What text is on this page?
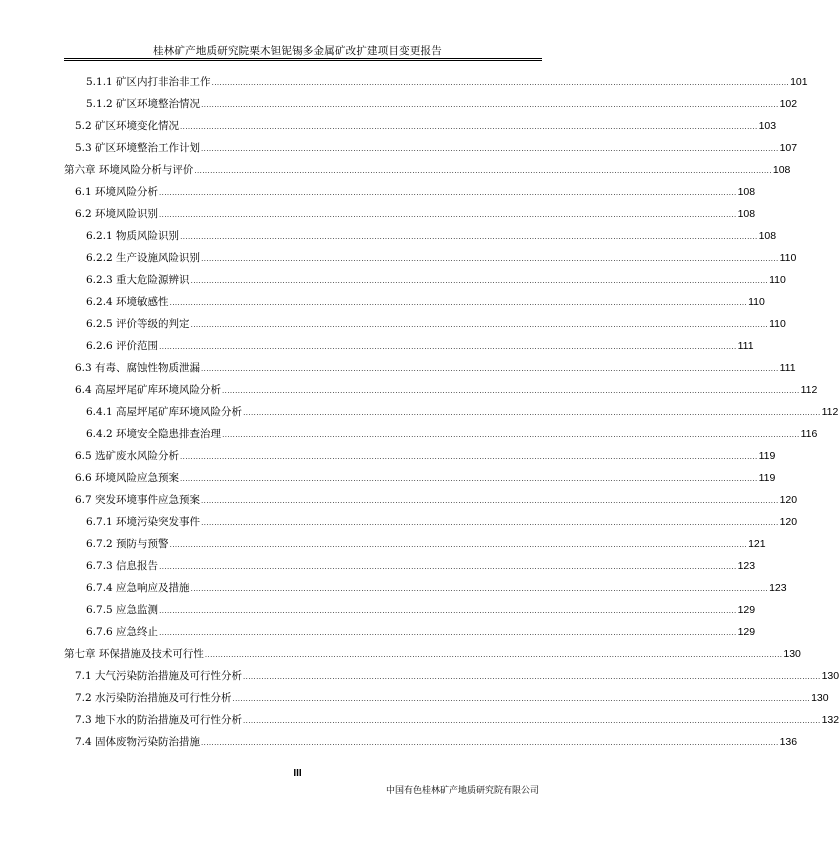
桂林矿产地质研究院栗木钽铌锡多金属矿改扩建项目变更报告
5.1.1 矿区内打非治非工作 ............................................................................................................................................................................................................................ 101
5.1.2 矿区环境整治情况 ............................................................................................................................................................................................................................ 102
5.2 矿区环境变化情况 ............................................................................................................................................................................................................................ 103
5.3 矿区环境整治工作计划 ............................................................................................................................................................................................................................ 107
第六章 环境风险分析与评价 ............................................................................................................................................................................................................................ 108
6.1 环境风险分析 ............................................................................................................................................................................................................................ 108
6.2 环境风险识别 ............................................................................................................................................................................................................................ 108
6.2.1 物质风险识别 ............................................................................................................................................................................................................................ 108
6.2.2 生产设施风险识别 ............................................................................................................................................................................................................................ 110
6.2.3 重大危险源辨识 ............................................................................................................................................................................................................................ 110
6.2.4 环境敏感性 ............................................................................................................................................................................................................................ 110
6.2.5 评价等级的判定 ............................................................................................................................................................................................................................ 110
6.2.6 评价范围 ............................................................................................................................................................................................................................ 111
6.3 有毒、腐蚀性物质泄漏 ............................................................................................................................................................................................................................ 111
6.4 高屋坪尾矿库环境风险分析 ............................................................................................................................................................................................................................ 112
6.4.1 高屋坪尾矿库环境风险分析 ............................................................................................................................................................................................................................ 112
6.4.2 环境安全隐患排查治理 ............................................................................................................................................................................................................................ 116
6.5 选矿废水风险分析 ............................................................................................................................................................................................................................ 119
6.6 环境风险应急预案 ............................................................................................................................................................................................................................ 119
6.7 突发环境事件应急预案 ............................................................................................................................................................................................................................ 120
6.7.1 环境污染突发事件 ............................................................................................................................................................................................................................ 120
6.7.2 预防与预警 ............................................................................................................................................................................................................................ 121
6.7.3 信息报告 ............................................................................................................................................................................................................................ 123
6.7.4 应急响应及措施 ............................................................................................................................................................................................................................ 123
6.7.5 应急监测 ............................................................................................................................................................................................................................ 129
6.7.6 应急终止 ............................................................................................................................................................................................................................ 129
第七章 环保措施及技术可行性 ............................................................................................................................................................................................................................ 130
7.1 大气污染防治措施及可行性分析 ............................................................................................................................................................................................................................ 130
7.2 水污染防治措施及可行性分析 ............................................................................................................................................................................................................................ 130
7.3 地下水的防治措施及可行性分析 ............................................................................................................................................................................................................................ 132
7.4 固体废物污染防治措施 ............................................................................................................................................................................................................................ 136
III
中国有色桂林矿产地质研究院有限公司
